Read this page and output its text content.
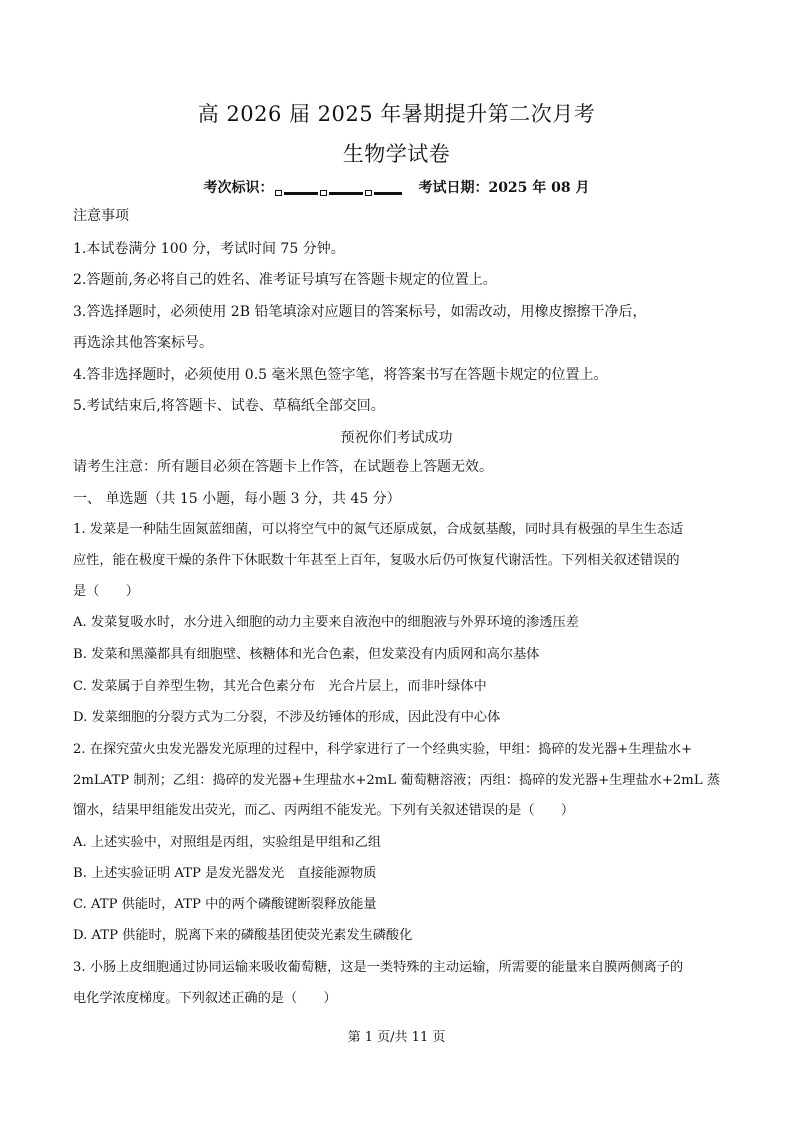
高 2026 届 2025 年暑期提升第二次月考
生物学试卷
考次标识：	考试日期：2025 年 08 月
注意事项
1.本试卷满分 100 分，考试时间 75 分钟。
2.答题前,务必将自己的姓名、准考证号填写在答题卡规定的位置上。
3.答选择题时，必须使用 2B 铅笔填涂对应题目的答案标号，如需改动，用橡皮擦擦干净后，
再选涂其他答案标号。
4.答非选择题时，必须使用 0.5 毫米黑色签字笔，将答案书写在答题卡规定的位置上。
5.考试结束后,将答题卡、试卷、草稿纸全部交回。
预祝你们考试成功
请考生注意：所有题目必须在答题卡上作答，在试题卷上答题无效。
一、 单选题（共 15 小题，每小题 3 分，共 45 分）
1. 发菜是一种陆生固氮蓝细菌，可以将空气中的氮气还原成氨，合成氨基酸，同时具有极强的旱生生态适
应性，能在极度干燥的条件下休眠数十年甚至上百年，复吸水后仍可恢复代谢活性。下列相关叙述错误的
是（　　）
A. 发菜复吸水时，水分进入细胞的动力主要来自液泡中的细胞液与外界环境的渗透压差
B. 发菜和黑藻都具有细胞壁、核糖体和光合色素，但发菜没有内质网和高尔基体
C. 发菜属于自养型生物，其光合色素分布　光合片层上，而非叶绿体中
D. 发菜细胞的分裂方式为二分裂，不涉及纺锤体的形成，因此没有中心体
2. 在探究萤火虫发光器发光原理的过程中，科学家进行了一个经典实验，甲组：捣碎的发光器+生理盐水+
2mLATP 制剂；乙组：捣碎的发光器+生理盐水+2mL 葡萄糖溶液；丙组：捣碎的发光器+生理盐水+2mL 蒸
馏水，结果甲组能发出荧光，而乙、丙两组不能发光。下列有关叙述错误的是（　　）
A. 上述实验中，对照组是丙组，实验组是甲组和乙组
B. 上述实验证明 ATP 是发光器发光　直接能源物质
C. ATP 供能时，ATP 中的两个磷酸键断裂释放能量
D. ATP 供能时，脱离下来的磷酸基团使荧光素发生磷酸化
3. 小肠上皮细胞通过协同运输来吸收葡萄糖，这是一类特殊的主动运输，所需要的能量来自膜两侧离子的
电化学浓度梯度。下列叙述正确的是（　　）
第 1 页/共 11 页
